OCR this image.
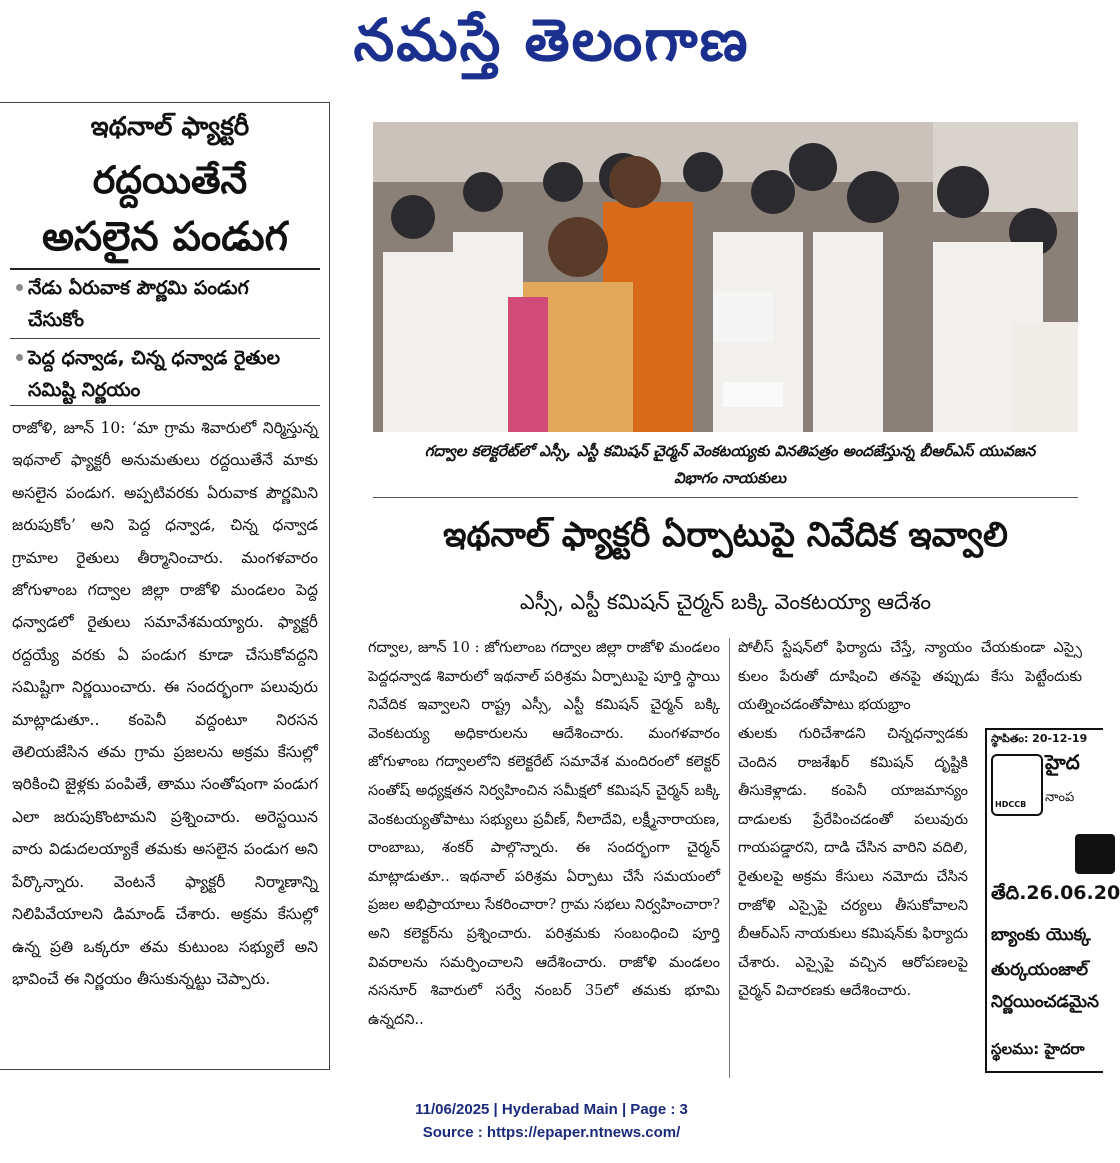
నమస్తే తెలంగాణ
ఇథనాల్ ఫ్యాక్టరీ
రద్దయితేనే
అసలైన పండుగ
నేడు ఏరువాక పౌర్ణమి పండుగ చేసుకోం
పెద్ద ధన్వాడ, చిన్న ధన్వాడ రైతుల సమిష్టి నిర్ణయం
రాజోళి, జూన్ 10: ‘మా గ్రామ శివారులో నిర్మిస్తున్న ఇథనాల్ ఫ్యాక్టరీ అనుమతులు రద్దయితేనే మాకు అసలైన పండుగ. అప్పటివరకు ఏరువాక పౌర్ణమిని జరుపుకోం’ అని పెద్ద ధన్వాడ, చిన్న ధన్వాడ గ్రామాల రైతులు తీర్మానించారు. మంగళవారం జోగుళాంబ గద్వాల జిల్లా రాజోళి మండలం పెద్ద ధన్వాడలో రైతులు సమావేశమయ్యారు. ఫ్యాక్టరీ రద్దయ్యే వరకు ఏ పండుగ కూడా చేసుకోవద్దని సమిష్టిగా నిర్ణయించారు. ఈ సందర్భంగా పలువురు మాట్లాడుతూ.. కంపెనీ వద్దంటూ నిరసన తెలియజేసిన తమ గ్రామ ప్రజలను అక్రమ కేసుల్లో ఇరికించి జైళ్లకు పంపితే, తాము సంతోషంగా పండుగ ఎలా జరుపుకొంటామని ప్రశ్నించారు. అరెస్టయిన వారు విడుదలయ్యాకే తమకు అసలైన పండుగ అని పేర్కొన్నారు. వెంటనే ఫ్యాక్టరీ నిర్మాణాన్ని నిలిపివేయాలని డిమాండ్ చేశారు. అక్రమ కేసుల్లో ఉన్న ప్రతి ఒక్కరూ తమ కుటుంబ సభ్యులే అని భావించే ఈ నిర్ణయం తీసుకున్నట్టు చెప్పారు.
గద్వాల కలెక్టరేట్‌లో ఎస్సీ, ఎస్టీ కమిషన్ చైర్మన్ వెంకటయ్యకు వినతిపత్రం అందజేస్తున్న బీఆర్ఎస్ యువజన విభాగం నాయకులు
ఇథనాల్ ఫ్యాక్టరీ ఏర్పాటుపై నివేదిక ఇవ్వాలి
ఎస్సీ, ఎస్టీ కమిషన్ చైర్మన్ బక్కి వెంకటయ్యా ఆదేశం
గద్వాల, జూన్ 10 : జోగులాంబ గద్వాల జిల్లా రాజోళి మండలం పెద్దధన్వాడ శివారులో ఇథనాల్ పరిశ్రమ ఏర్పాటుపై పూర్తి స్థాయి నివేదిక ఇవ్వాలని రాష్ట్ర ఎస్సీ, ఎస్టీ కమిషన్ చైర్మన్ బక్కి వెంకటయ్య అధికారులను ఆదేశించారు. మంగళవారం జోగుళాంబ గద్వాలలోని కలెక్టరేట్ సమావేశ మందిరంలో కలెక్టర్ సంతోష్ అధ్యక్షతన నిర్వహించిన సమీక్షలో కమిషన్ చైర్మన్ బక్కి వెంకటయ్యతోపాటు సభ్యులు ప్రవీణ్, నీలాదేవి, లక్ష్మీనారాయణ, రాంబాబు, శంకర్ పాల్గొన్నారు. ఈ సందర్భంగా చైర్మన్ మాట్లాడుతూ.. ఇథనాల్ పరిశ్రమ ఏర్పాటు చేసే సమయంలో ప్రజల అభిప్రాయాలు సేకరించారా? గ్రామ సభలు నిర్వహించారా? అని కలెక్టర్‌ను ప్రశ్నించారు. పరిశ్రమకు సంబంధించి పూర్తి వివరాలను సమర్పించాలని ఆదేశించారు. రాజోళి మండలం నసనూర్ శివారులో సర్వే నంబర్ 35లో తమకు భూమి ఉన్నదని..
పోలీస్ స్టేషన్‌లో ఫిర్యాదు చేస్తే, న్యాయం చేయకుండా ఎస్సై కులం పేరుతో దూషించి తనపై తప్పుడు కేసు పెట్టేందుకు యత్నించడంతోపాటు భయభ్రాం
తులకు గురిచేశాడని చిన్నధన్వాడకు చెందిన రాజశేఖర్ కమిషన్ దృష్టికి తీసుకెళ్లాడు. కంపెనీ యాజమాన్యం దాడులకు ప్రేరేపించడంతో పలువురు గాయపడ్డారని, దాడి చేసిన వారిని వదిలి, రైతులపై అక్రమ కేసులు నమోదు చేసిన రాజోళి ఎస్సైపై చర్యలు తీసుకోవాలని బీఆర్ఎస్ నాయకులు కమిషన్‌కు ఫిర్యాదు చేశారు. ఎస్సైపై వచ్చిన ఆరోపణలపై చైర్మన్ విచారణకు ఆదేశించారు.
స్థాపితం: 20-12-19
HDCCB
హైద
నాంప
తేది.26.06.20
బ్యాంకు యొక్క
తుర్కయంజాల్
నిర్ణయించడమైన
స్థలము: హైదరా
11/06/2025 | Hyderabad Main | Page : 3
Source : https://epaper.ntnews.com/
